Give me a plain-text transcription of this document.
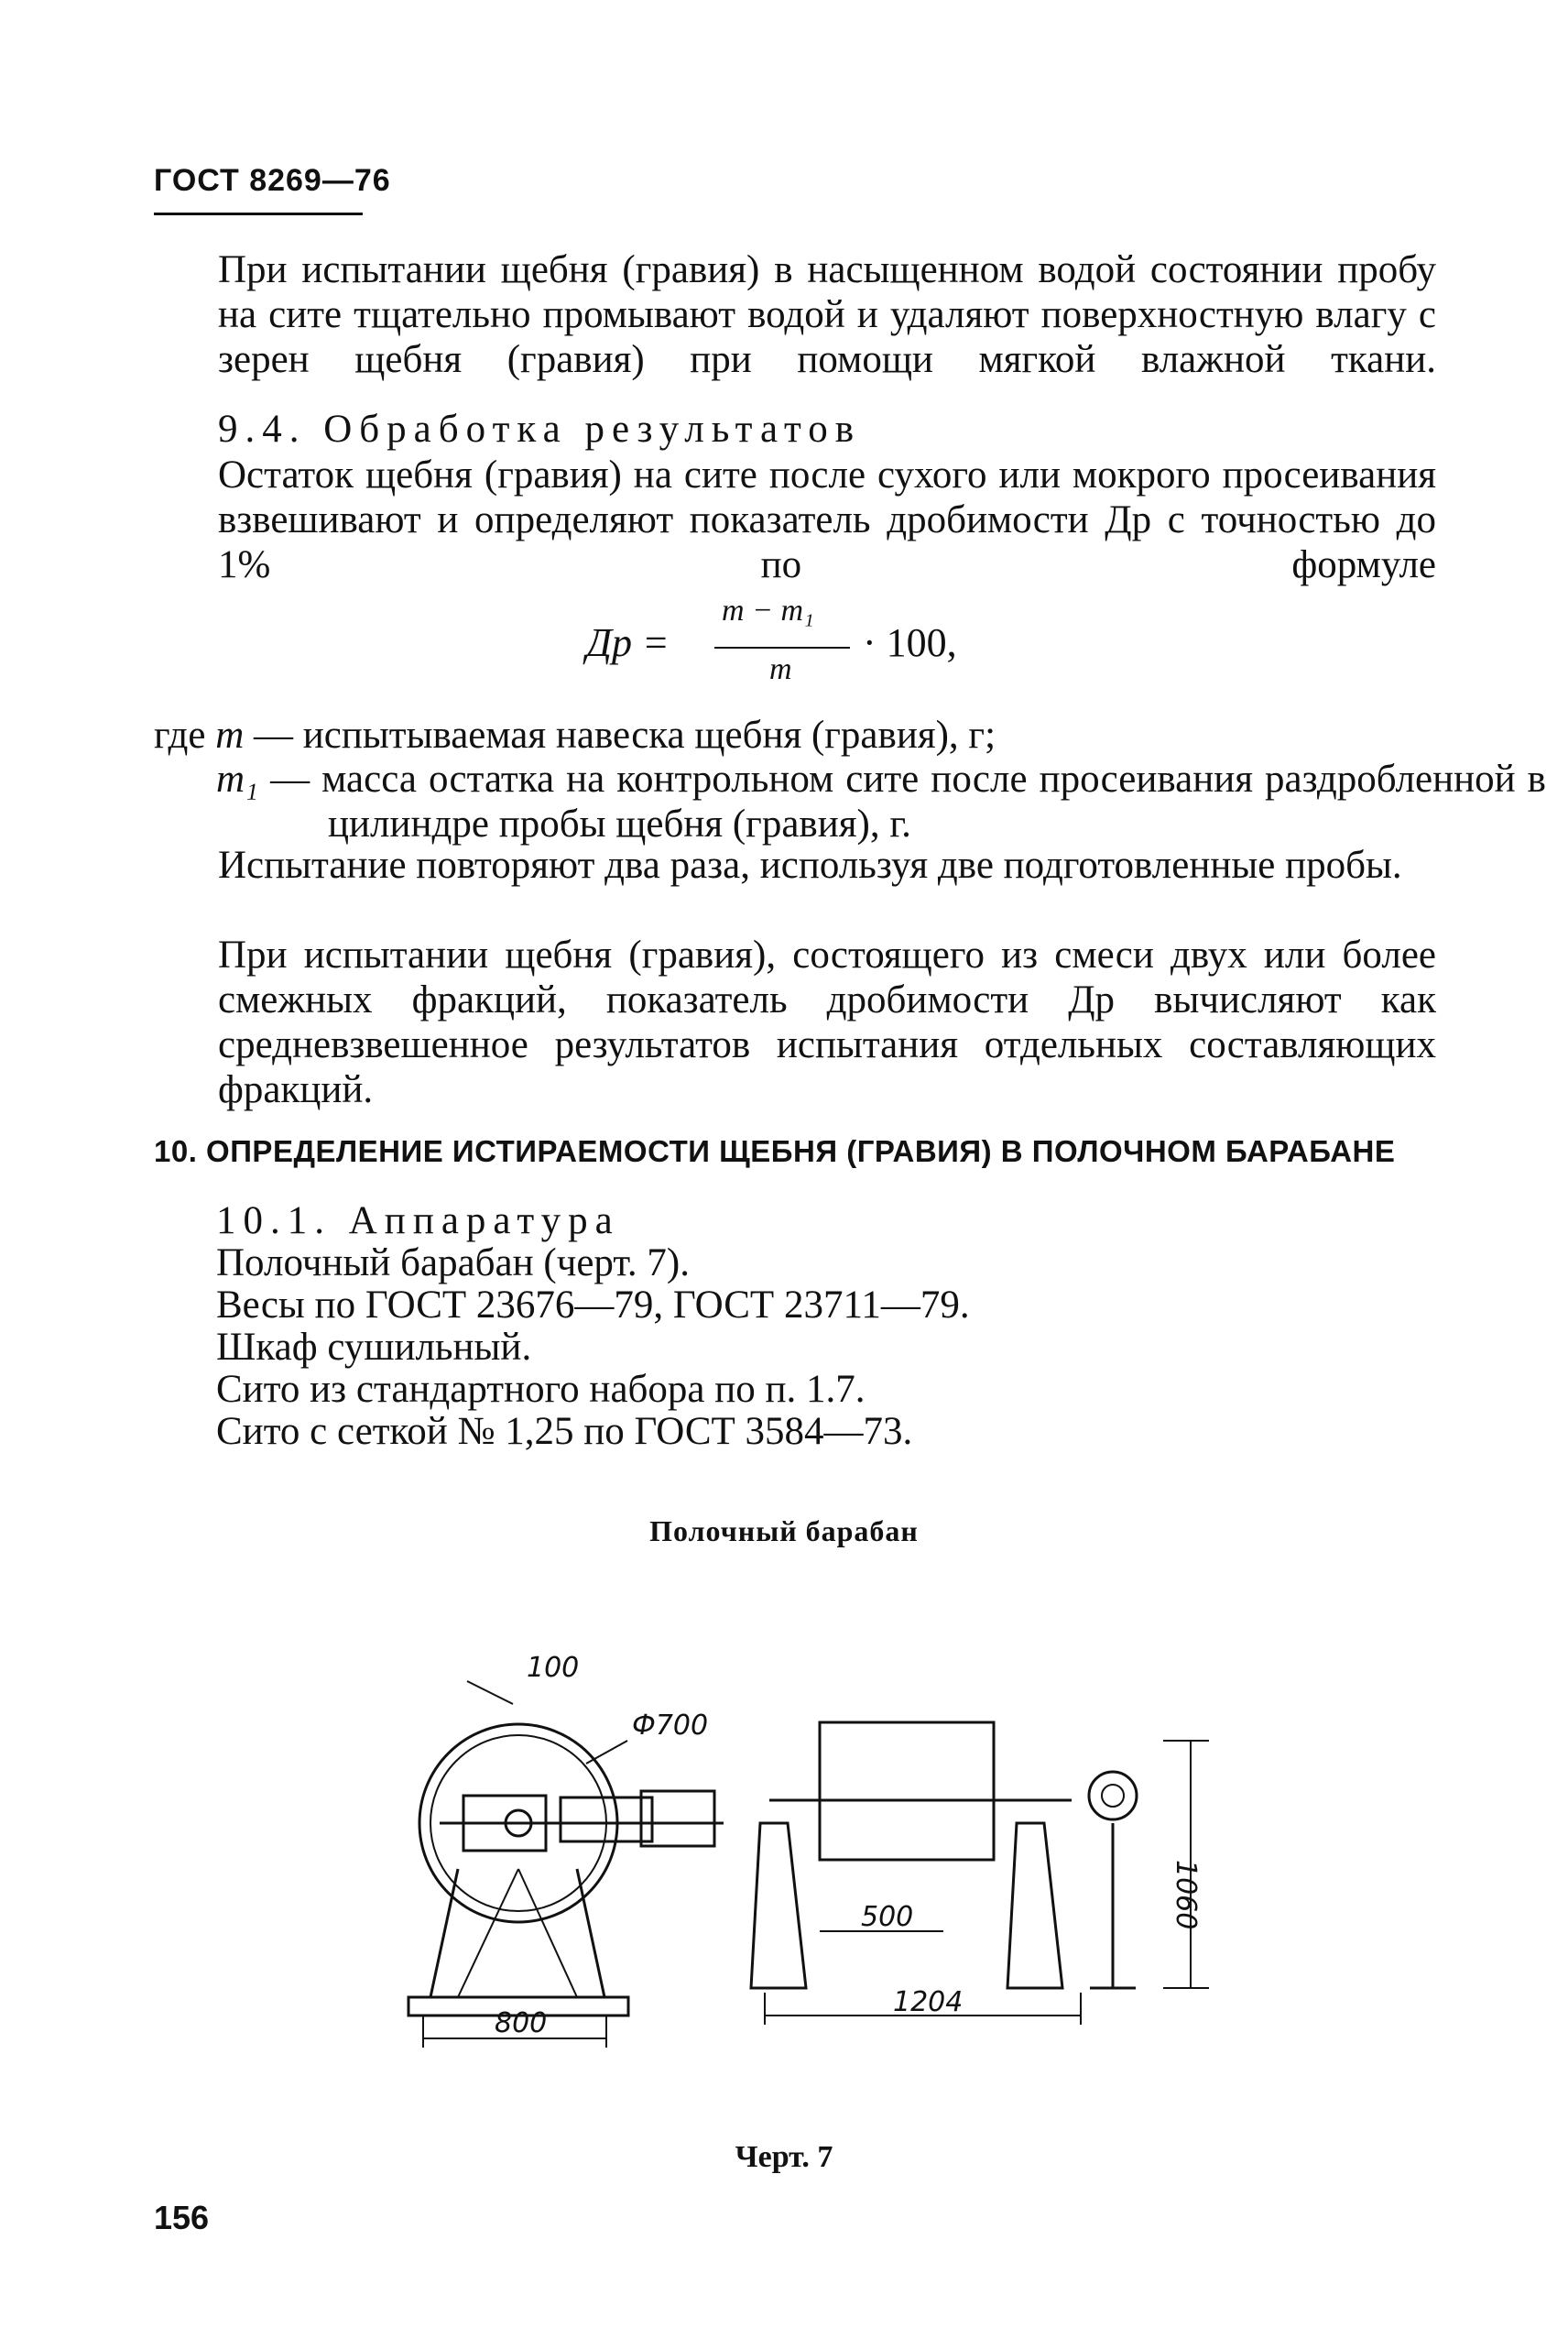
ГОСТ 8269—76
При испытании щебня (гравия) в насыщенном водой состоянии пробу на сите тщательно промывают водой и удаляют поверхностную влагу с зерен щебня (гравия) при помощи мягкой влажной ткани.
9.4. Обработка результатов
Остаток щебня (гравия) на сите после сухого или мокрого просеивания взвешивают и определяют показатель дробимости Др с точностью до 1% по формуле
Др =
m − m₁
m
· 100,
где m — испытываемая навеска щебня (гравия), г;
m₁ — масса остатка на контрольном сите после просеивания раздробленной в цилиндре пробы щебня (гравия), г.
Испытание повторяют два раза, используя две подготовленные пробы.
При испытании щебня (гравия), состоящего из смеси двух или более смежных фракций, показатель дробимости Др вычисляют как средневзвешенное результатов испытания отдельных составляющих фракций.
10. ОПРЕДЕЛЕНИЕ ИСТИРАЕМОСТИ ЩЕБНЯ (ГРАВИЯ) В ПОЛОЧНОМ БАРАБАНЕ
10.1. Аппаратура
Полочный барабан (черт. 7).
Весы по ГОСТ 23676—79, ГОСТ 23711—79.
Шкаф сушильный.
Сито из стандартного набора по п. 1.7.
Сито с сеткой № 1,25 по ГОСТ 3584—73.
Полочный барабан
100
Ф700
800
500
1204
1060
Черт. 7
156
